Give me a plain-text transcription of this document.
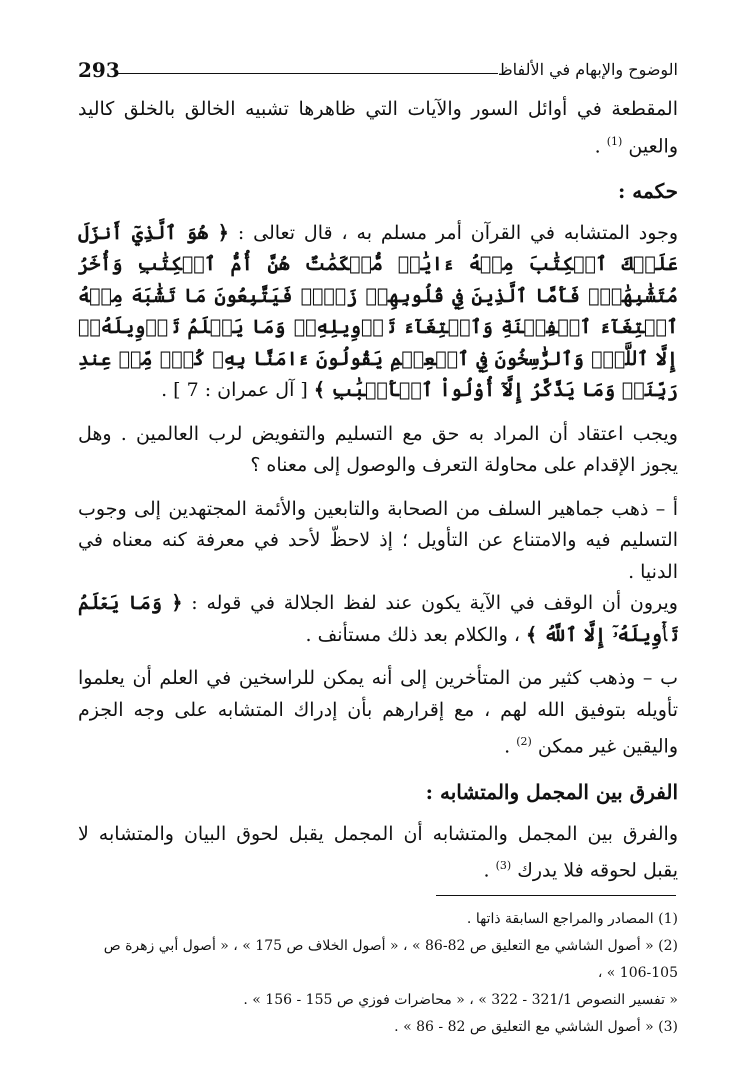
293	الوضوح والإبهام في الألفاظ

المقطعة في أوائل السور والآيات التي ظاهرها تشبيه الخالق بالخلق كاليد والعين $^{(1)}$ .

حكمه :

وجود المتشابه في القرآن أمر مسلم به ، قال تعالى : ﴿ هُوَ ٱلَّذِيٓ أَنزَلَ عَلَيۡكَ ٱلۡكِتَٰبَ مِنۡهُ ءَايَٰتٞ مُّحۡكَمَٰتٌ هُنَّ أُمُّ ٱلۡكِتَٰبِ وَأُخَرُ مُتَشَٰبِهَٰتٞۖ فَأَمَّا ٱلَّذِينَ فِي قُلُوبِهِمۡ زَيۡغٞ فَيَتَّبِعُونَ مَا تَشَٰبَهَ مِنۡهُ ٱبۡتِغَآءَ ٱلۡفِتۡنَةِ وَٱبۡتِغَآءَ تَأۡوِيلِهِۦۖ وَمَا يَعۡلَمُ تَأۡوِيلَهُۥٓ إِلَّا ٱللَّهُۗ وَٱلرَّٰسِخُونَ فِي ٱلۡعِلۡمِ يَقُولُونَ ءَامَنَّا بِهِۦ كُلّٞ مِّنۡ عِندِ رَبِّنَاۗ وَمَا يَذَّكَّرُ إِلَّآ أُوْلُواْ ٱلۡأَلۡبَٰبِ ﴾ [ آل عمران : 7 ] .

ويجب اعتقاد أن المراد به حق مع التسليم والتفويض لرب العالمين . وهل يجوز الإقدام على محاولة التعرف والوصول إلى معناه ؟

أ – ذهب جماهير السلف من الصحابة والتابعين والأئمة المجتهدين إلى وجوب التسليم فيه والامتناع عن التأويل ؛ إذ لاحظّ لأحد في معرفة كنه معناه في الدنيا .

ويرون أن الوقف في الآية يكون عند لفظ الجلالة في قوله : ﴿ وَمَا يَعۡلَمُ تَأۡوِيلَهُۥٓ إِلَّا ٱللَّهُ ﴾ ، والكلام بعد ذلك مستأنف .

ب – وذهب كثير من المتأخرين إلى أنه يمكن للراسخين في العلم أن يعلموا تأويله بتوفيق الله لهم ، مع إقرارهم بأن إدراك المتشابه على وجه الجزم واليقين غير ممكن $^{(2)}$ .

الفرق بين المجمل والمتشابه :

والفرق بين المجمل والمتشابه أن المجمل يقبل لحوق البيان والمتشابه لا يقبل لحوقه فلا يدرك $^{(3)}$ .

(1) المصادر والمراجع السابقة ذاتها .

(2) « أصول الشاشي مع التعليق ص 82-86 » ، « أصول الخلاف ص 175 » ، « أصول أبي زهرة ص 105-106 » ،

« تفسير النصوص 321/1 - 322 » ، « محاضرات فوزي ص 155 - 156 » .

(3) « أصول الشاشي مع التعليق ص 82 - 86 » .
